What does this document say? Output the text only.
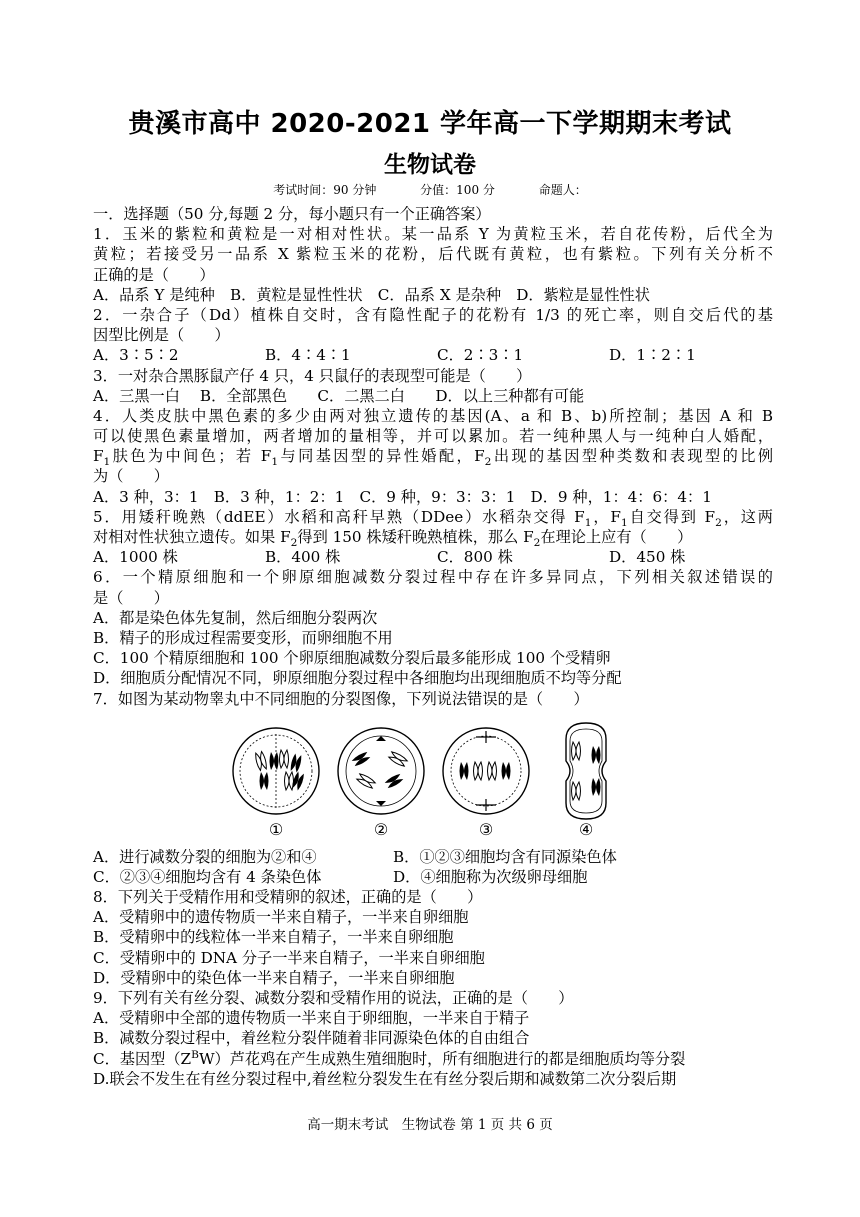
贵溪市高中 2020-2021 学年高一下学期期末考试
生物试卷
考试时间：90 分钟	分值：100 分	命题人：
一．选择题（50 分,每题 2 分，每小题只有一个正确答案）
1．玉米的紫粒和黄粒是一对相对性状。某一品系 Y 为黄粒玉米，若自花传粉，后代全为
黄粒；若接受另一品系 X 紫粒玉米的花粉，后代既有黄粒，也有紫粒。下列有关分析不
正确的是（　　）
A．品系 Y 是纯种　B．黄粒是显性性状　C．品系 X 是杂种　D．紫粒是显性性状
2．一杂合子（Dd）植株自交时，含有隐性配子的花粉有 1/3 的死亡率，则自交后代的基
因型比例是（　　）
A．3∶5∶2	B．4∶4∶1	C．2∶3∶1	D．1∶2∶1
3．一对杂合黑豚鼠产仔 4 只，4 只鼠仔的表现型可能是（　　）
A．三黑一白　 B．全部黑色　　C．二黑二白　　D．以上三种都有可能
4．人类皮肤中黑色素的多少由两对独立遗传的基因(A、a 和 B、b)所控制；基因 A 和 B
可以使黑色素量增加，两者增加的量相等，并可以累加。若一纯种黑人与一纯种白人婚配，
$F_1$肤色为中间色；若 $F_1$与同基因型的异性婚配，$F_2$出现的基因型种类数和表现型的比例
为（　　）
A．3 种，3：1　B．3 种，1：2：1　C．9 种，9：3：3：1　D．9 种，1：4：6：4：1
5．用矮秆晚熟（ddEE）水稻和高秆早熟（DDee）水稻杂交得 $F_1$，$F_1$自交得到 $F_2$，这两
对相对性状独立遗传。如果 $F_2$得到 150 株矮秆晚熟植株，那么 $F_2$在理论上应有（　　）
A．1000 株	B．400 株	C．800 株	D．450 株
6．一个精原细胞和一个卵原细胞减数分裂过程中存在许多异同点，下列相关叙述错误的
是（　　）
A．都是染色体先复制，然后细胞分裂两次
B．精子的形成过程需要变形，而卵细胞不用
C．100 个精原细胞和 100 个卵原细胞减数分裂后最多能形成 100 个受精卵
D．细胞质分配情况不同，卵原细胞分裂过程中各细胞均出现细胞质不均等分配
7．如图为某动物睾丸中不同细胞的分裂图像，下列说法错误的是（　　）
①	②	③	④
A．进行减数分裂的细胞为②和④	B．①②③细胞均含有同源染色体
C．②③④细胞均含有 4 条染色体	D．④细胞称为次级卵母细胞
8．下列关于受精作用和受精卵的叙述，正确的是（　　）
A．受精卵中的遗传物质一半来自精子，一半来自卵细胞
B．受精卵中的线粒体一半来自精子，一半来自卵细胞
C．受精卵中的 DNA 分子一半来自精子，一半来自卵细胞
D．受精卵中的染色体一半来自精子，一半来自卵细胞
9．下列有关有丝分裂、减数分裂和受精作用的说法，正确的是（　　）
A．受精卵中全部的遗传物质一半来自于卵细胞，一半来自于精子
B．减数分裂过程中，着丝粒分裂伴随着非同源染色体的自由组合
C．基因型$(Z^BW)$芦花鸡在产生成熟生殖细胞时，所有细胞进行的都是细胞质均等分裂
D.联会不发生在有丝分裂过程中,着丝粒分裂发生在有丝分裂后期和减数第二次分裂后期
高一期末考试　生物试卷 第 1 页 共 6 页
